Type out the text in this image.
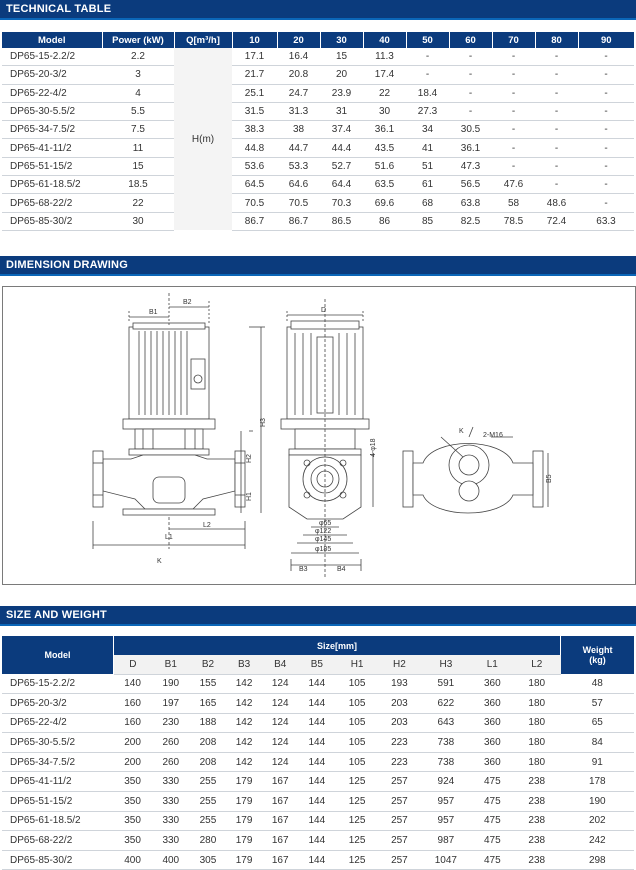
TECHNICAL TABLE
Model	Power (kW)	Q[m³/h]	10	20	30	40	50	60	70	80	90
DP65-15-2.2/2	2.2	H(m)	17.1	16.4	15	11.3	-	-	-	-	-
DP65-20-3/2	3		21.7	20.8	20	17.4	-	-	-	-	-
DP65-22-4/2	4		25.1	24.7	23.9	22	18.4	-	-	-	-
DP65-30-5.5/2	5.5		31.5	31.3	31	30	27.3	-	-	-	-
DP65-34-7.5/2	7.5		38.3	38	37.4	36.1	34	30.5	-	-	-
DP65-41-11/2	11		44.8	44.7	44.4	43.5	41	36.1	-	-	-
DP65-51-15/2	15		53.6	53.3	52.7	51.6	51	47.3	-	-	-
DP65-61-18.5/2	18.5		64.5	64.6	64.4	63.5	61	56.5	47.6	-	-
DP65-68-22/2	22		70.5	70.5	70.3	69.6	68	63.8	58	48.6	-
DP65-85-30/2	30		86.7	86.7	86.5	86	85	82.5	78.5	72.4	63.3
DIMENSION DRAWING
B1
B2
H3
H2
H1
L2
L1
K
D
4-φ18
φ65
φ122
φ145
φ185
B3	B4
B5
2-M16
K
SIZE AND WEIGHT
Model	Size[mm]											Weight
(kg)

	D	B1	B2	B3	B4	B5	H1	H2	H3	L1	L2	
DP65-15-2.2/2	140	190	155	142	124	144	105	193	591	360	180	48
DP65-20-3/2	160	197	165	142	124	144	105	203	622	360	180	57
DP65-22-4/2	160	230	188	142	124	144	105	203	643	360	180	65
DP65-30-5.5/2	200	260	208	142	124	144	105	223	738	360	180	84
DP65-34-7.5/2	200	260	208	142	124	144	105	223	738	360	180	91
DP65-41-11/2	350	330	255	179	167	144	125	257	924	475	238	178
DP65-51-15/2	350	330	255	179	167	144	125	257	957	475	238	190
DP65-61-18.5/2	350	330	255	179	167	144	125	257	957	475	238	202
DP65-68-22/2	350	330	280	179	167	144	125	257	987	475	238	242
DP65-85-30/2	400	400	305	179	167	144	125	257	1047	475	238	298
